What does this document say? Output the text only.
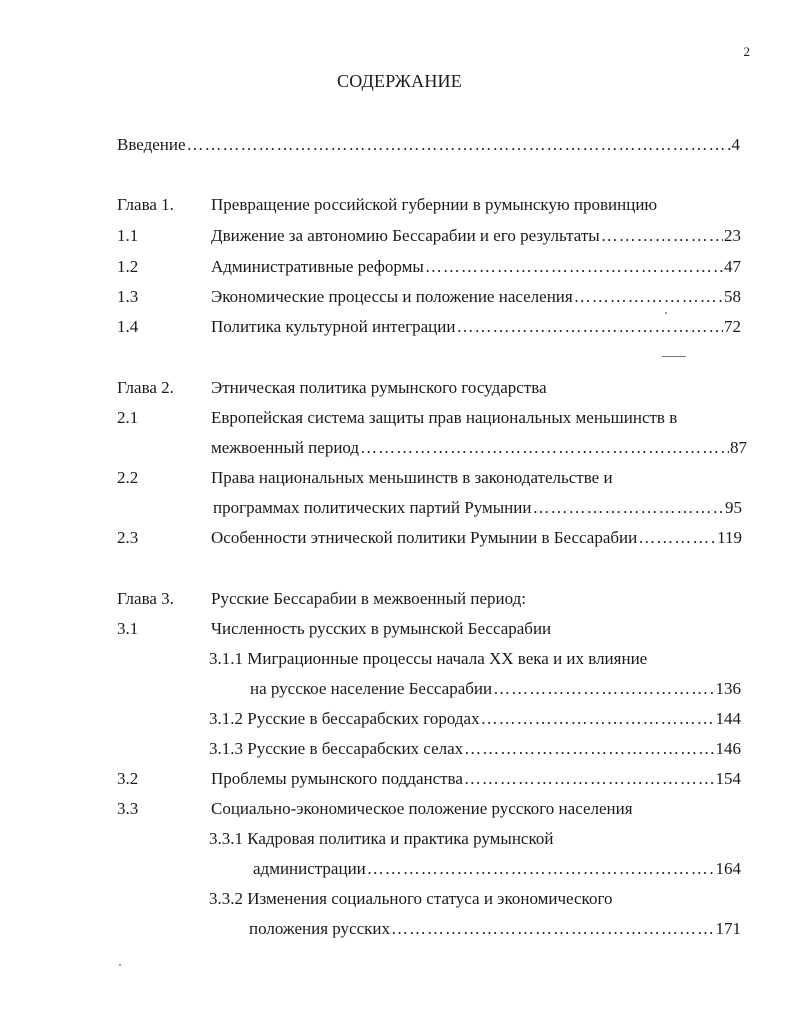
2
СОДЕРЖАНИЕ
Введение ……………………………………………………………………………………………………………………………………………………………………………………	4
Глава 1. Превращение российской губернии в румынскую провинцию
1.1	Движение за автономию Бессарабии и его результаты ……………………………………………………………………………………………………………………………………………………………………………………	23
1.2	Административные реформы ……………………………………………………………………………………………………………………………………………………………………………………	47
1.3	Экономические процессы и положение населения ……………………………………………………………………………………………………………………………………………………………………………………	58
1.4	Политика культурной интеграции ……………………………………………………………………………………………………………………………………………………………………………………	72
Глава 2. Этническая политика румынского государства
2.1	Европейская система защиты прав национальных меньшинств в
межвоенный период ……………………………………………………………………………………………………………………………………………………………………………………	87
2.2	Права национальных меньшинств в законодательстве и
программах политических партий Румынии ……………………………………………………………………………………………………………………………………………………………………………………	95
2.3	Особенности этнической политики Румынии в Бессарабии ……………………………………………………………………………………………………………………………………………………………………………………	119
Глава 3. Русские Бессарабии в межвоенный период:
3.1	Численность русских в румынской Бессарабии
3.1.1 Миграционные процессы начала XX века и их влияние
на русское население Бессарабии ……………………………………………………………………………………………………………………………………………………………………………………	136
3.1.2 Русские в бессарабских городах ……………………………………………………………………………………………………………………………………………………………………………………	144
3.1.3 Русские в бессарабских селах ……………………………………………………………………………………………………………………………………………………………………………………	146
3.2	Проблемы румынского подданства ……………………………………………………………………………………………………………………………………………………………………………………	154
3.3	Социально-экономическое положение русского населения
3.3.1 Кадровая политика и практика румынской
администрации ……………………………………………………………………………………………………………………………………………………………………………………	164
3.3.2 Изменения социального статуса и экономического
положения русских ……………………………………………………………………………………………………………………………………………………………………………………	171
